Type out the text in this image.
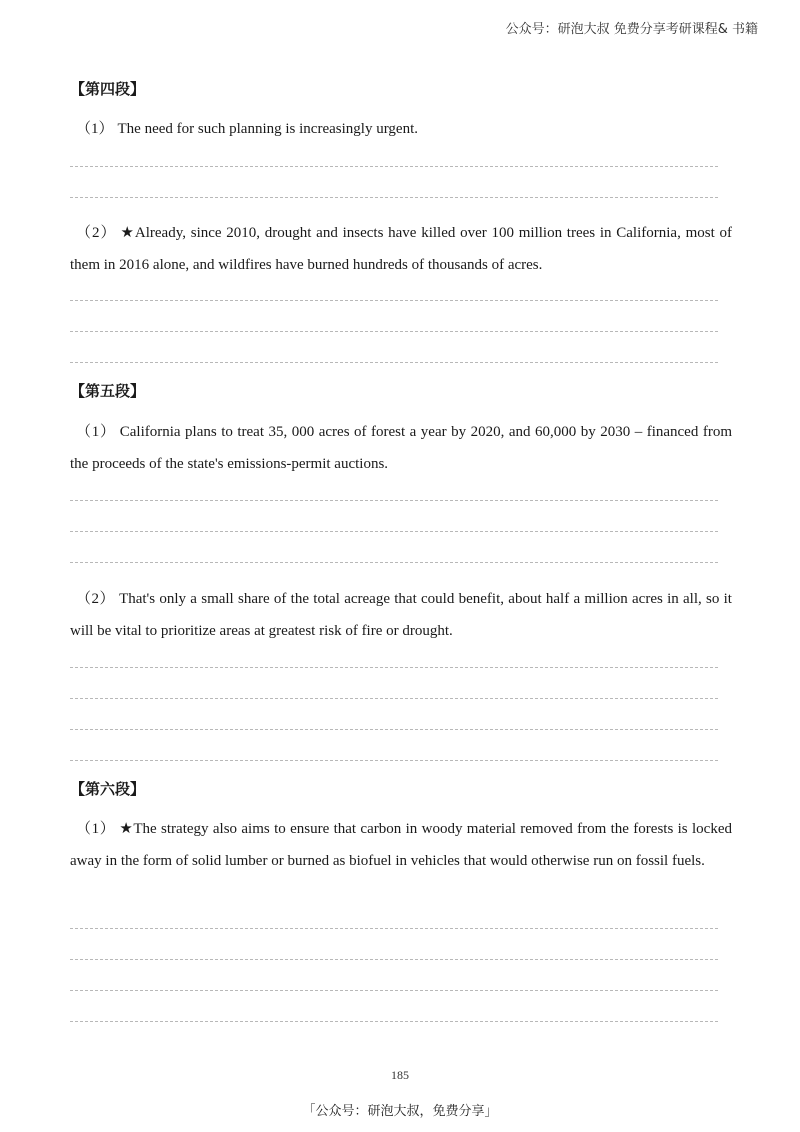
公众号：研泡大叔 免费分享考研课程& 书籍
【第四段】
（1） The need for such planning is increasingly urgent.
（2） ★Already, since 2010, drought and insects have killed over 100 million trees in California, most of them in 2016 alone, and wildfires have burned hundreds of thousands of acres.
【第五段】
（1） California plans to treat 35, 000 acres of forest a year by 2020, and 60,000 by 2030 – financed from the proceeds of the state's emissions-permit auctions.
（2） That's only a small share of the total acreage that could benefit, about half a million acres in all, so it will be vital to prioritize areas at greatest risk of fire or drought.
【第六段】
（1） ★The strategy also aims to ensure that carbon in woody material removed from the forests is locked away in the form of solid lumber or burned as biofuel in vehicles that would otherwise run on fossil fuels.
185
「公众号：研泡大叔，免费分享」
